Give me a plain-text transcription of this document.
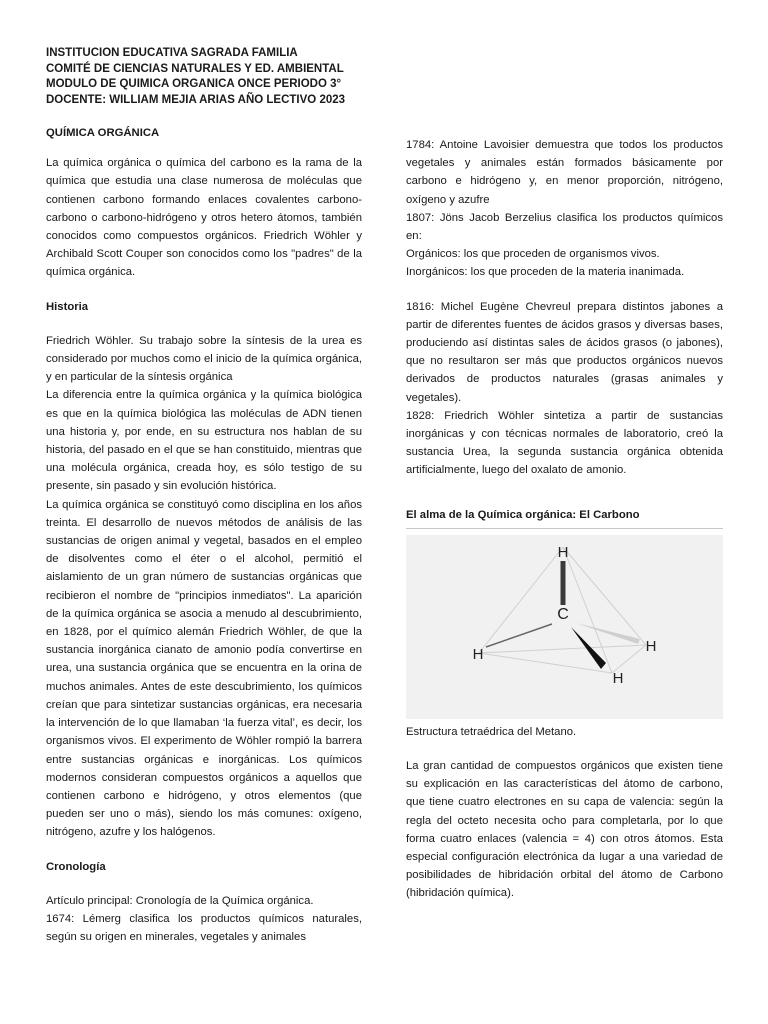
INSTITUCION EDUCATIVA SAGRADA FAMILIA
COMITÉ DE CIENCIAS NATURALES Y ED. AMBIENTAL
MODULO DE QUIMICA ORGANICA ONCE PERIODO 3°
DOCENTE: WILLIAM MEJIA ARIAS AÑO LECTIVO 2023

QUÍMICA ORGÁNICA

La química orgánica o química del carbono es la rama de la química que estudia una clase numerosa de moléculas que contienen carbono formando enlaces covalentes carbono-carbono o carbono-hidrógeno y otros hetero átomos, también conocidos como compuestos orgánicos. Friedrich Wöhler y Archibald Scott Couper son conocidos como los "padres" de la química orgánica.

Historia

Friedrich Wöhler. Su trabajo sobre la síntesis de la urea es considerado por muchos como el inicio de la química orgánica, y en particular de la síntesis orgánica

La diferencia entre la química orgánica y la química biológica es que en la química biológica las moléculas de ADN tienen una historia y, por ende, en su estructura nos hablan de su historia, del pasado en el que se han constituido, mientras que una molécula orgánica, creada hoy, es sólo testigo de su presente, sin pasado y sin evolución histórica.

La química orgánica se constituyó como disciplina en los años treinta. El desarrollo de nuevos métodos de análisis de las sustancias de origen animal y vegetal, basados en el empleo de disolventes como el éter o el alcohol, permitió el aislamiento de un gran número de sustancias orgánicas que recibieron el nombre de "principios inmediatos". La aparición de la química orgánica se asocia a menudo al descubrimiento, en 1828, por el químico alemán Friedrich Wöhler, de que la sustancia inorgánica cianato de amonio podía convertirse en urea, una sustancia orgánica que se encuentra en la orina de muchos animales. Antes de este descubrimiento, los químicos creían que para sintetizar sustancias orgánicas, era necesaria la intervención de lo que llamaban ‘la fuerza vital’, es decir, los organismos vivos. El experimento de Wöhler rompió la barrera entre sustancias orgánicas e inorgánicas. Los químicos modernos consideran compuestos orgánicos a aquellos que contienen carbono e hidrógeno, y otros elementos (que pueden ser uno o más), siendo los más comunes: oxígeno, nitrógeno, azufre y los halógenos.

Cronología

Artículo principal: Cronología de la Química orgánica.

1674: Lémerg clasifica los productos químicos naturales, según su origen en minerales, vegetales y animales

1784: Antoine Lavoisier demuestra que todos los productos vegetales y animales están formados básicamente por carbono e hidrógeno y, en menor proporción, nitrógeno, oxígeno y azufre

1807: Jöns Jacob Berzelius clasifica los productos químicos en:

Orgánicos: los que proceden de organismos vivos.

Inorgánicos: los que proceden de la materia inanimada.

1816: Michel Eugène Chevreul prepara distintos jabones a partir de diferentes fuentes de ácidos grasos y diversas bases, produciendo así distintas sales de ácidos grasos (o jabones), que no resultaron ser más que productos orgánicos nuevos derivados de productos naturales (grasas animales y vegetales).

1828: Friedrich Wöhler sintetiza a partir de sustancias inorgánicas y con técnicas normales de laboratorio, creó la sustancia Urea, la segunda sustancia orgánica obtenida artificialmente, luego del oxalato de amonio.

El alma de la Química orgánica: El Carbono

C
H
H	H
H

Estructura tetraédrica del Metano.

La gran cantidad de compuestos orgánicos que existen tiene su explicación en las características del átomo de carbono, que tiene cuatro electrones en su capa de valencia: según la regla del octeto necesita ocho para completarla, por lo que forma cuatro enlaces (valencia = 4) con otros átomos. Esta especial configuración electrónica da lugar a una variedad de posibilidades de hibridación orbital del átomo de Carbono (hibridación química).
